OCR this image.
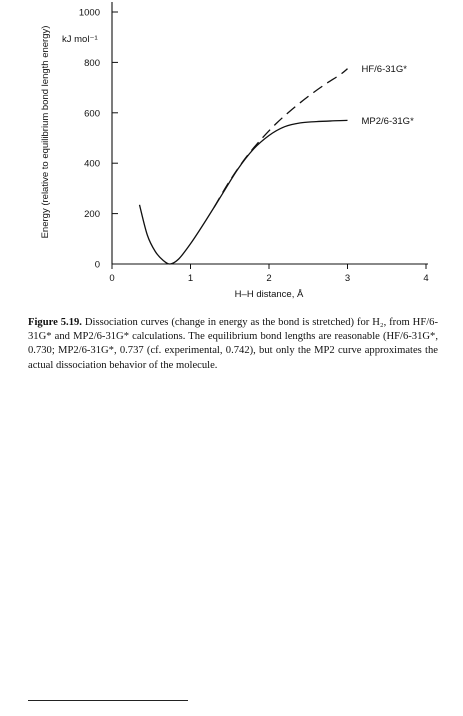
0
200
400
600
800
1000
0	1	2	3	4
H–H distance, Å
kJ mol⁻¹
Energy (relative to equilibrium bond length energy)	MP2/6-31G*
HF/6-31G*
Figure 5.19. Dissociation curves (change in energy as the bond is stretched) for H₂, from HF/6-31G* and MP2/6-31G* calculations. The equilibrium bond lengths are reasonable (HF/6-31G*, 0.730; MP2/6-31G*, 0.737 (cf. experimental, 0.742), but only the MP2 curve approximates the actual dissociation behavior of the molecule.
